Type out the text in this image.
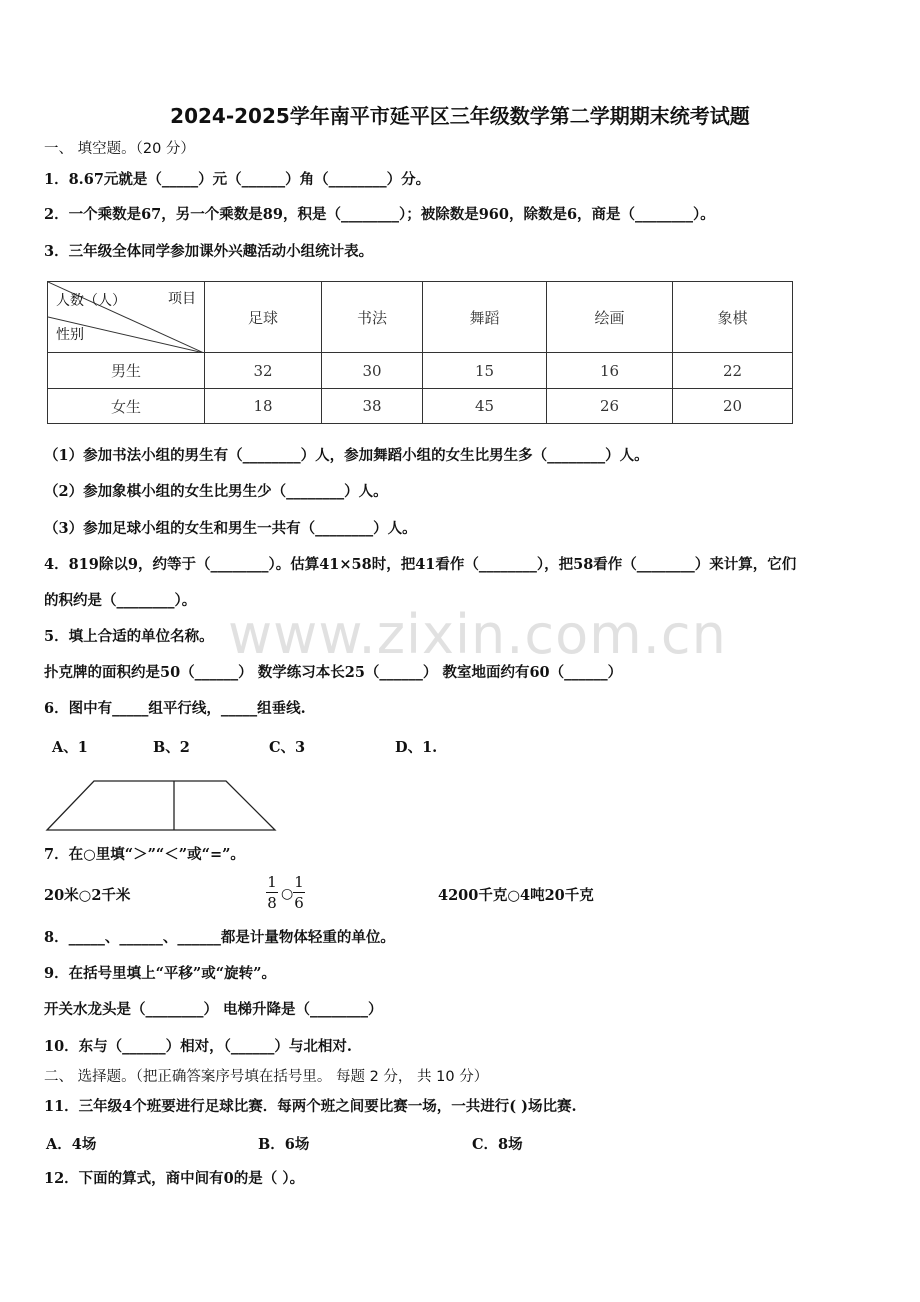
2024-2025学年南平市延平区三年级数学第二学期期末统考试题
一、 填空题。（20 分）
1．8.67元就是（_____）元（______）角（________）分。
2．一个乘数是67，另一个乘数是89，积是（________）；被除数是960，除数是6，商是（________）。
3．三年级全体同学参加课外兴趣活动小组统计表。
人数（人） 项目
性别	足球	书法	舞蹈	绘画	象棋
男生	32	30	15	16	22
女生	18	38	45	26	20
（1）参加书法小组的男生有（________）人，参加舞蹈小组的女生比男生多（________）人。
（2）参加象棋小组的女生比男生少（________）人。
（3）参加足球小组的女生和男生一共有（________）人。
4．819除以9，约等于（________）。估算41×58时，把41看作（________），把58看作（________）来计算，它们
的积约是（________）。
www.zixin.com.cn
5．填上合适的单位名称。
扑克牌的面积约是50（______） 数学练习本长25（______） 教室地面约有60（______）
6．图中有_____组平行线，_____组垂线.
A、1	B、2	C、3	D、1.
7．在○里填“＞”“＜”或“=”。
20米○2千米
1
8 ○
1
6	4200千克○4吨20千克
8．_____、______、______都是计量物体轻重的单位。
9．在括号里填上“平移”或“旋转”。
开关水龙头是（________） 电梯升降是（________）
10．东与（______）相对，（______）与北相对.
二、 选择题。（把正确答案序号填在括号里。 每题 2 分， 共 10 分）
11．三年级4个班要进行足球比赛．每两个班之间要比赛一场，一共进行( )场比赛.
A．4场	B．6场	C．8场
12．下面的算式，商中间有0的是（ ）。
